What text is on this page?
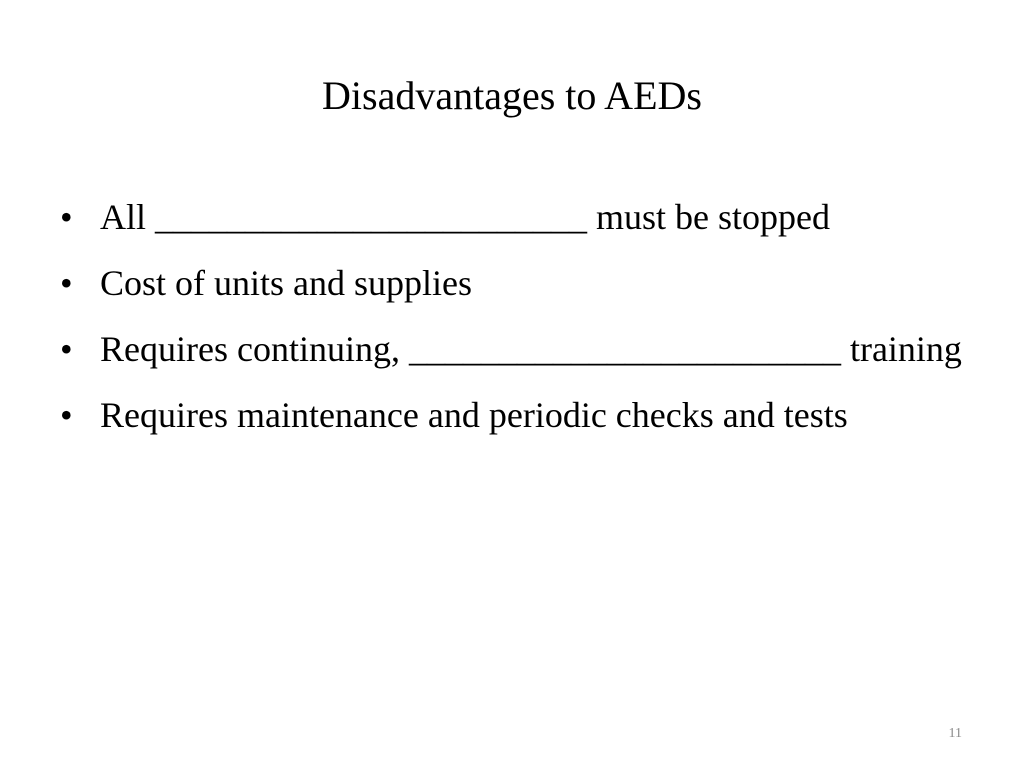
Disadvantages to AEDs
• All ________________________ must be stopped
• Cost of units and supplies
• Requires continuing, ________________________ training
• Requires maintenance and periodic checks and tests
11
